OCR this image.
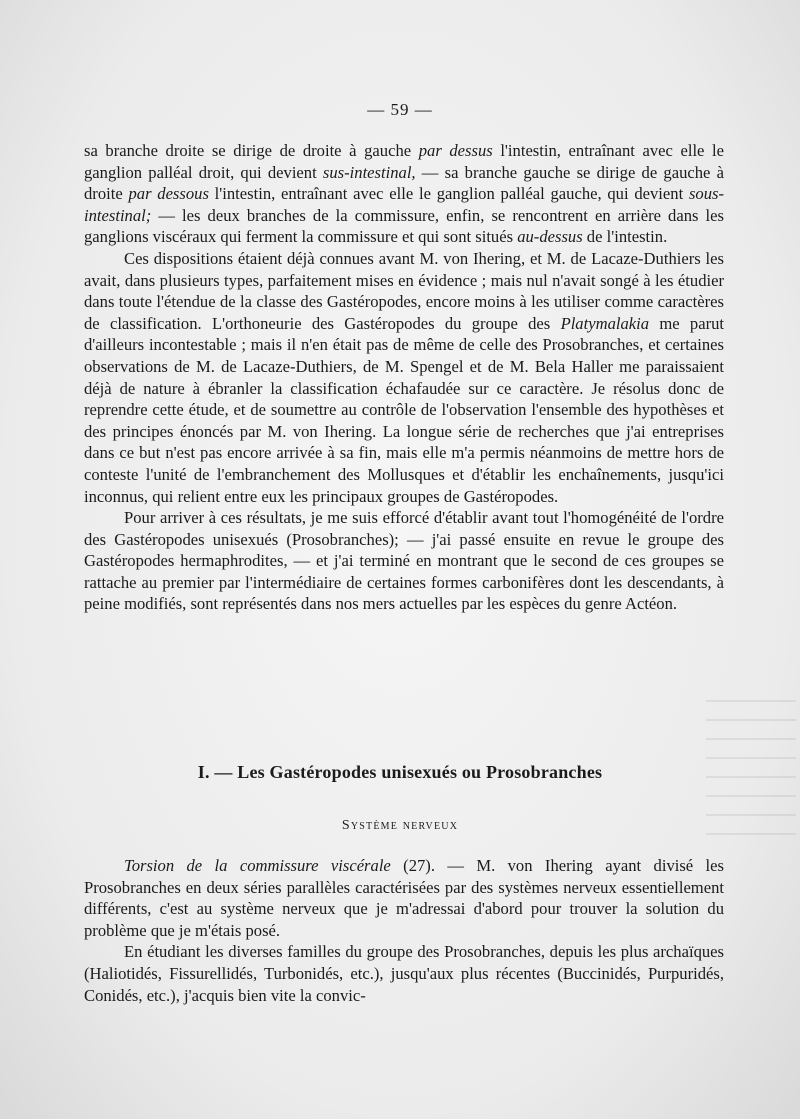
— 59 —

sa branche droite se dirige de droite à gauche par dessus l'intestin, entraînant avec elle le ganglion palléal droit, qui devient sus-intestinal, — sa branche gauche se dirige de gauche à droite par dessous l'intestin, entraînant avec elle le ganglion palléal gauche, qui devient sous-intestinal; — les deux branches de la commissure, enfin, se rencontrent en arrière dans les ganglions viscéraux qui ferment la commissure et qui sont situés au-dessus de l'intestin.

Ces dispositions étaient déjà connues avant M. von Ihering, et M. de Lacaze-Duthiers les avait, dans plusieurs types, parfaitement mises en évidence ; mais nul n'avait songé à les étudier dans toute l'étendue de la classe des Gastéropodes, encore moins à les utiliser comme caractères de classification. L'orthoneurie des Gastéropodes du groupe des Platymalakia me parut d'ailleurs incontestable ; mais il n'en était pas de même de celle des Prosobranches, et certaines observations de M. de Lacaze-Duthiers, de M. Spengel et de M. Bela Haller me paraissaient déjà de nature à ébranler la classification échafaudée sur ce caractère. Je résolus donc de reprendre cette étude, et de soumettre au contrôle de l'observation l'ensemble des hypothèses et des principes énoncés par M. von Ihering. La longue série de recherches que j'ai entreprises dans ce but n'est pas encore arrivée à sa fin, mais elle m'a permis néanmoins de mettre hors de conteste l'unité de l'embranchement des Mollusques et d'établir les enchaînements, jusqu'ici inconnus, qui relient entre eux les principaux groupes de Gastéropodes.

Pour arriver à ces résultats, je me suis efforcé d'établir avant tout l'homogénéité de l'ordre des Gastéropodes unisexués (Prosobranches); — j'ai passé ensuite en revue le groupe des Gastéropodes hermaphrodites, — et j'ai terminé en montrant que le second de ces groupes se rattache au premier par l'intermédiaire de certaines formes carbonifères dont les descendants, à peine modifiés, sont représentés dans nos mers actuelles par les espèces du genre Actéon.

I. — Les Gastéropodes unisexués ou Prosobranches
Système nerveux

Torsion de la commissure viscérale (27). — M. von Ihering ayant divisé les Prosobranches en deux séries parallèles caractérisées par des systèmes nerveux essentiellement différents, c'est au système nerveux que je m'adressai d'abord pour trouver la solution du problème que je m'étais posé.

En étudiant les diverses familles du groupe des Prosobranches, depuis les plus archaïques (Haliotidés, Fissurellidés, Turbonidés, etc.), jusqu'aux plus récentes (Buccinidés, Purpuridés, Conidés, etc.), j'acquis bien vite la convic-
